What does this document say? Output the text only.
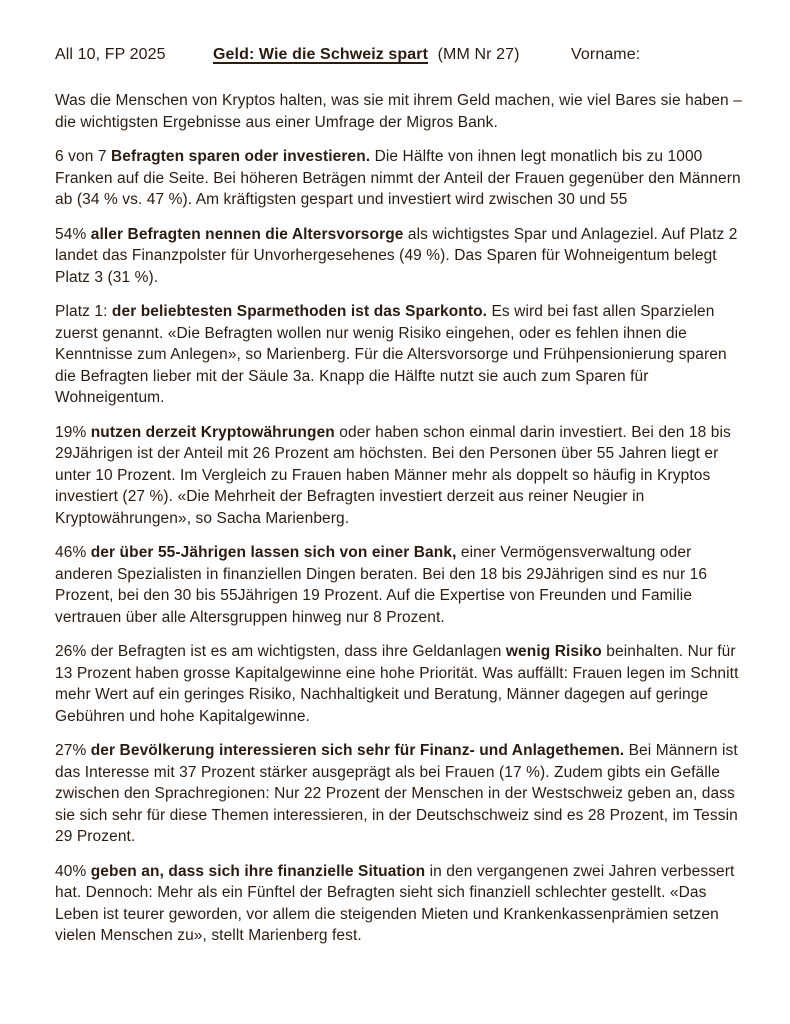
All 10, FP 2025	Geld: Wie die Schweiz spart (MM Nr 27)	Vorname:

Was die Menschen von Kryptos halten, was sie mit ihrem Geld machen, wie viel Bares sie haben – die wichtigsten Ergebnisse aus einer Umfrage der Migros Bank.

6 von 7 Befragten sparen oder investieren. Die Hälfte von ihnen legt monatlich bis zu 1000 Franken auf die Seite. Bei höheren Beträgen nimmt der Anteil der Frauen gegenüber den Männern ab (34 % vs. 47 %). Am kräftigsten gespart und investiert wird zwischen 30 und 55

54% aller Befragten nennen die Altersvorsorge als wichtigstes Spar und Anlageziel. Auf Platz 2 landet das Finanzpolster für Unvorhergesehenes (49 %). Das Sparen für Wohneigentum belegt Platz 3 (31 %).

Platz 1: der beliebtesten Sparmethoden ist das Sparkonto. Es wird bei fast allen Sparzielen zuerst genannt. «Die Befragten wollen nur wenig Risiko eingehen, oder es fehlen ihnen die Kenntnisse zum Anlegen», so Marienberg. Für die Altersvorsorge und Frühpensionierung sparen die Befragten lieber mit der Säule 3a. Knapp die Hälfte nutzt sie auch zum Sparen für Wohneigentum.

19% nutzen derzeit Kryptowährungen oder haben schon einmal darin investiert. Bei den 18 bis 29Jährigen ist der Anteil mit 26 Prozent am höchsten. Bei den Personen über 55 Jahren liegt er unter 10 Prozent. Im Vergleich zu Frauen haben Männer mehr als doppelt so häufig in Kryptos investiert (27 %). «Die Mehrheit der Befragten investiert derzeit aus reiner Neugier in Kryptowährungen», so Sacha Marienberg.

46% der über 55-Jährigen lassen sich von einer Bank, einer Vermögensverwaltung oder anderen Spezialisten in finanziellen Dingen beraten. Bei den 18 bis 29Jährigen sind es nur 16 Prozent, bei den 30 bis 55Jährigen 19 Prozent. Auf die Expertise von Freunden und Familie vertrauen über alle Altersgruppen hinweg nur 8 Prozent.

26% der Befragten ist es am wichtigsten, dass ihre Geldanlagen wenig Risiko beinhalten. Nur für 13 Prozent haben grosse Kapitalgewinne eine hohe Priorität. Was auffällt: Frauen legen im Schnitt mehr Wert auf ein geringes Risiko, Nachhaltigkeit und Beratung, Männer dagegen auf geringe Gebühren und hohe Kapitalgewinne.

27% der Bevölkerung interessieren sich sehr für Finanz- und Anlagethemen. Bei Männern ist das Interesse mit 37 Prozent stärker ausgeprägt als bei Frauen (17 %). Zudem gibts ein Gefälle zwischen den Sprachregionen: Nur 22 Prozent der Menschen in der Westschweiz geben an, dass sie sich sehr für diese Themen interessieren, in der Deutschschweiz sind es 28 Prozent, im Tessin 29 Prozent.

40% geben an, dass sich ihre finanzielle Situation in den vergangenen zwei Jahren verbessert hat. Dennoch: Mehr als ein Fünftel der Befragten sieht sich finanziell schlechter gestellt. «Das Leben ist teurer geworden, vor allem die steigenden Mieten und Krankenkassenprämien setzen vielen Menschen zu», stellt Marienberg fest.
